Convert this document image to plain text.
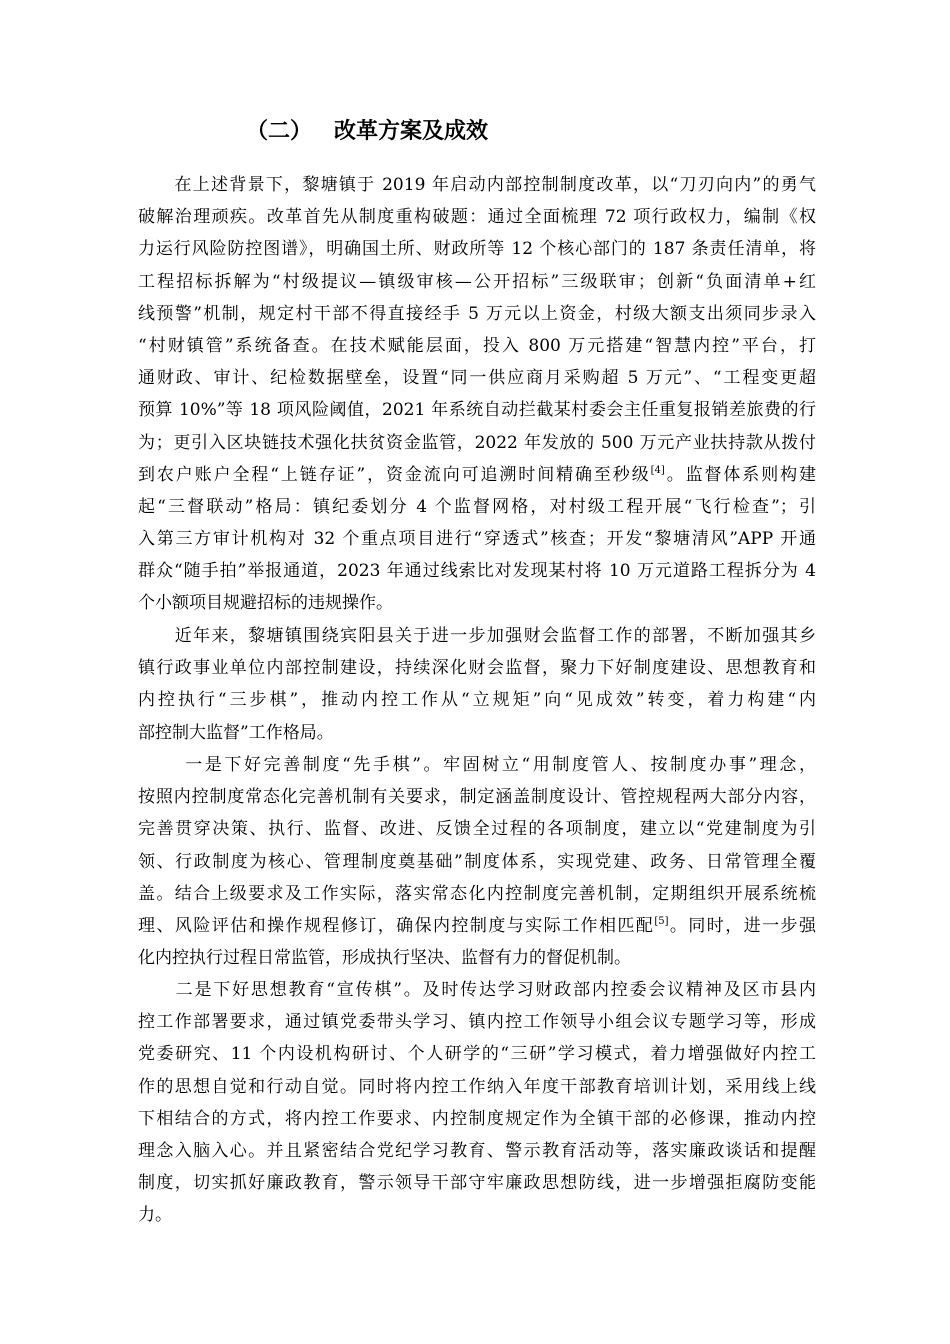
（二） 改革方案及成效
　　在上述背景下，黎塘镇于 2019 年启动内部控制制度改革，以“刀刃向内”的勇气
破解治理顽疾。改革首先从制度重构破题：通过全面梳理 72 项行政权力，编制《权
力运行风险防控图谱》，明确国土所、财政所等 12 个核心部门的 187 条责任清单，将
工程招标拆解为“村级提议—镇级审核—公开招标”三级联审；创新“负面清单+红
线预警”机制，规定村干部不得直接经手 5 万元以上资金，村级大额支出须同步录入
“村财镇管”系统备查。在技术赋能层面，投入 800 万元搭建“智慧内控”平台，打
通财政、审计、纪检数据壁垒，设置“同一供应商月采购超 5 万元”、“工程变更超
预算 10%”等 18 项风险阈值，2021 年系统自动拦截某村委会主任重复报销差旅费的行
为；更引入区块链技术强化扶贫资金监管，2022 年发放的 500 万元产业扶持款从拨付
到农户账户全程“上链存证”，资金流向可追溯时间精确至秒级[4]。监督体系则构建
起“三督联动”格局：镇纪委划分 4 个监督网格，对村级工程开展“飞行检查”；引
入第三方审计机构对 32 个重点项目进行“穿透式”核查；开发“黎塘清风”APP 开通
群众“随手拍”举报通道，2023 年通过线索比对发现某村将 10 万元道路工程拆分为 4
个小额项目规避招标的违规操作。
　　近年来，黎塘镇围绕宾阳县关于进一步加强财会监督工作的部署，不断加强其乡
镇行政事业单位内部控制建设，持续深化财会监督，聚力下好制度建设、思想教育和
内控执行“三步棋”，推动内控工作从“立规矩”向“见成效”转变，着力构建“内
部控制大监督”工作格局。
　　 一是下好完善制度“先手棋”。牢固树立“用制度管人、按制度办事”理念，
按照内控制度常态化完善机制有关要求，制定涵盖制度设计、管控规程两大部分内容，
完善贯穿决策、执行、监督、改进、反馈全过程的各项制度，建立以“党建制度为引
领、行政制度为核心、管理制度奠基础”制度体系，实现党建、政务、日常管理全覆
盖。结合上级要求及工作实际，落实常态化内控制度完善机制，定期组织开展系统梳
理、风险评估和操作规程修订，确保内控制度与实际工作相匹配[5]。同时，进一步强
化内控执行过程日常监管，形成执行坚决、监督有力的督促机制。
　　二是下好思想教育“宣传棋”。及时传达学习财政部内控委会议精神及区市县内
控工作部署要求，通过镇党委带头学习、镇内控工作领导小组会议专题学习等，形成
党委研究、11 个内设机构研讨、个人研学的“三研”学习模式，着力增强做好内控工
作的思想自觉和行动自觉。同时将内控工作纳入年度干部教育培训计划，采用线上线
下相结合的方式，将内控工作要求、内控制度规定作为全镇干部的必修课，推动内控
理念入脑入心。并且紧密结合党纪学习教育、警示教育活动等，落实廉政谈话和提醒
制度，切实抓好廉政教育，警示领导干部守牢廉政思想防线，进一步增强拒腐防变能
力。
